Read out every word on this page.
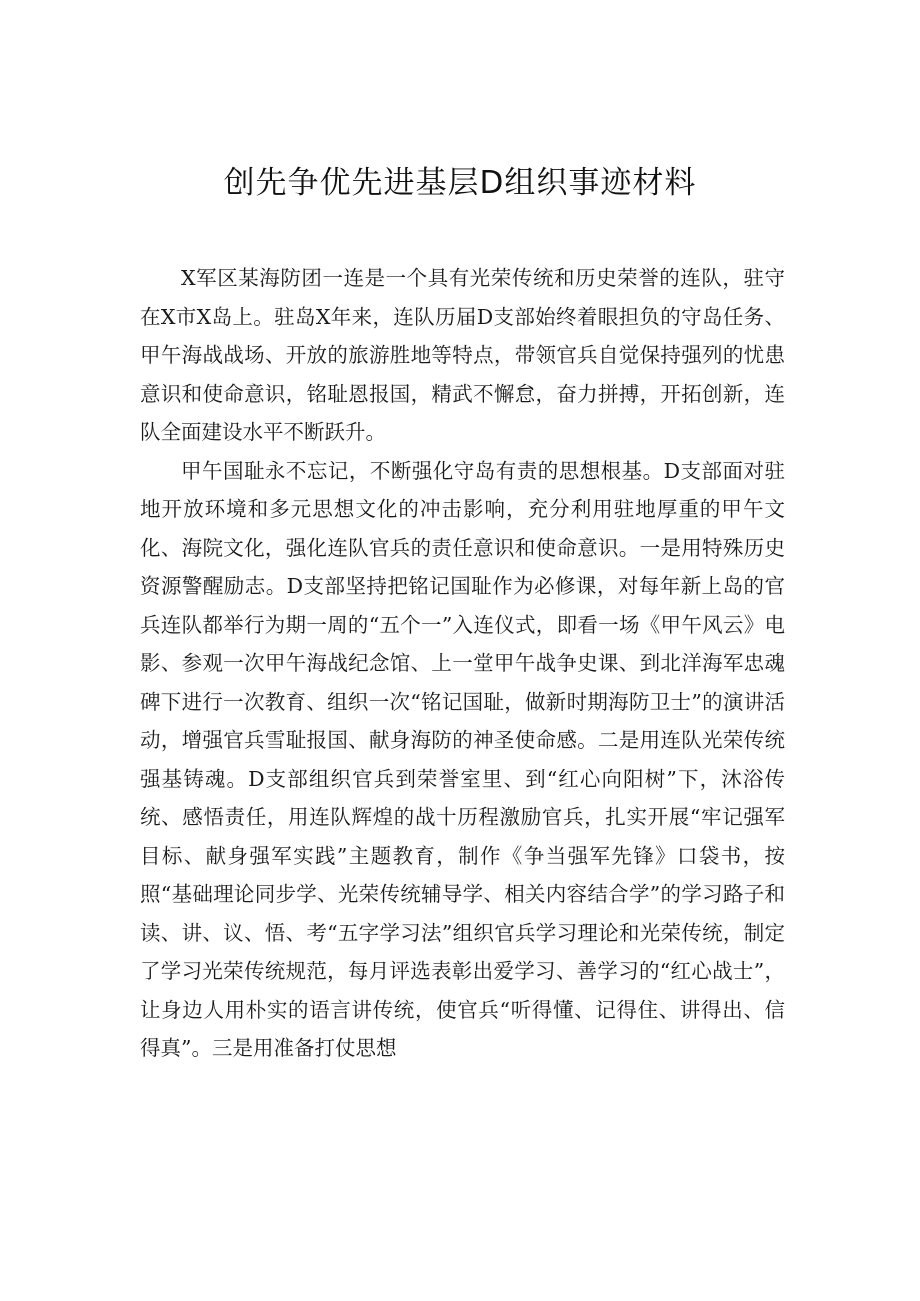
创先争优先进基层D组织事迹材料

X军区某海防团一连是一个具有光荣传统和历史荣誉的连队，驻守在X市X岛上。驻岛X年来，连队历届D支部始终着眼担负的守岛任务、甲午海战战场、开放的旅游胜地等特点，带领官兵自觉保持强列的忧患意识和使命意识，铭耻恩报国，精武不懈怠，奋力拼搏，开拓创新，连队全面建设水平不断跃升。

甲午国耻永不忘记，不断强化守岛有责的思想根基。D支部面对驻地开放环境和多元思想文化的冲击影响，充分利用驻地厚重的甲午文化、海院文化，强化连队官兵的责任意识和使命意识。一是用特殊历史资源警醒励志。D支部坚持把铭记国耻作为必修课，对每年新上岛的官兵连队都举行为期一周的“五个一”入连仪式，即看一场《甲午风云》电影、参观一次甲午海战纪念馆、上一堂甲午战争史课、到北洋海军忠魂碑下进行一次教育、组织一次“铭记国耻，做新时期海防卫士”的演讲活动，增强官兵雪耻报国、献身海防的神圣使命感。二是用连队光荣传统强基铸魂。D支部组织官兵到荣誉室里、到“红心向阳树”下，沐浴传统、感悟责任，用连队辉煌的战十历程激励官兵，扎实开展“牢记强军目标、献身强军实践”主题教育，制作《争当强军先锋》口袋书，按照“基础理论同步学、光荣传统辅导学、相关内容结合学”的学习路子和读、讲、议、悟、考“五字学习法”组织官兵学习理论和光荣传统，制定了学习光荣传统规范，每月评选表彰出爱学习、善学习的“红心战士”，让身边人用朴实的语言讲传统，使官兵“听得懂、记得住、讲得出、信得真”。三是用准备打仗思想
